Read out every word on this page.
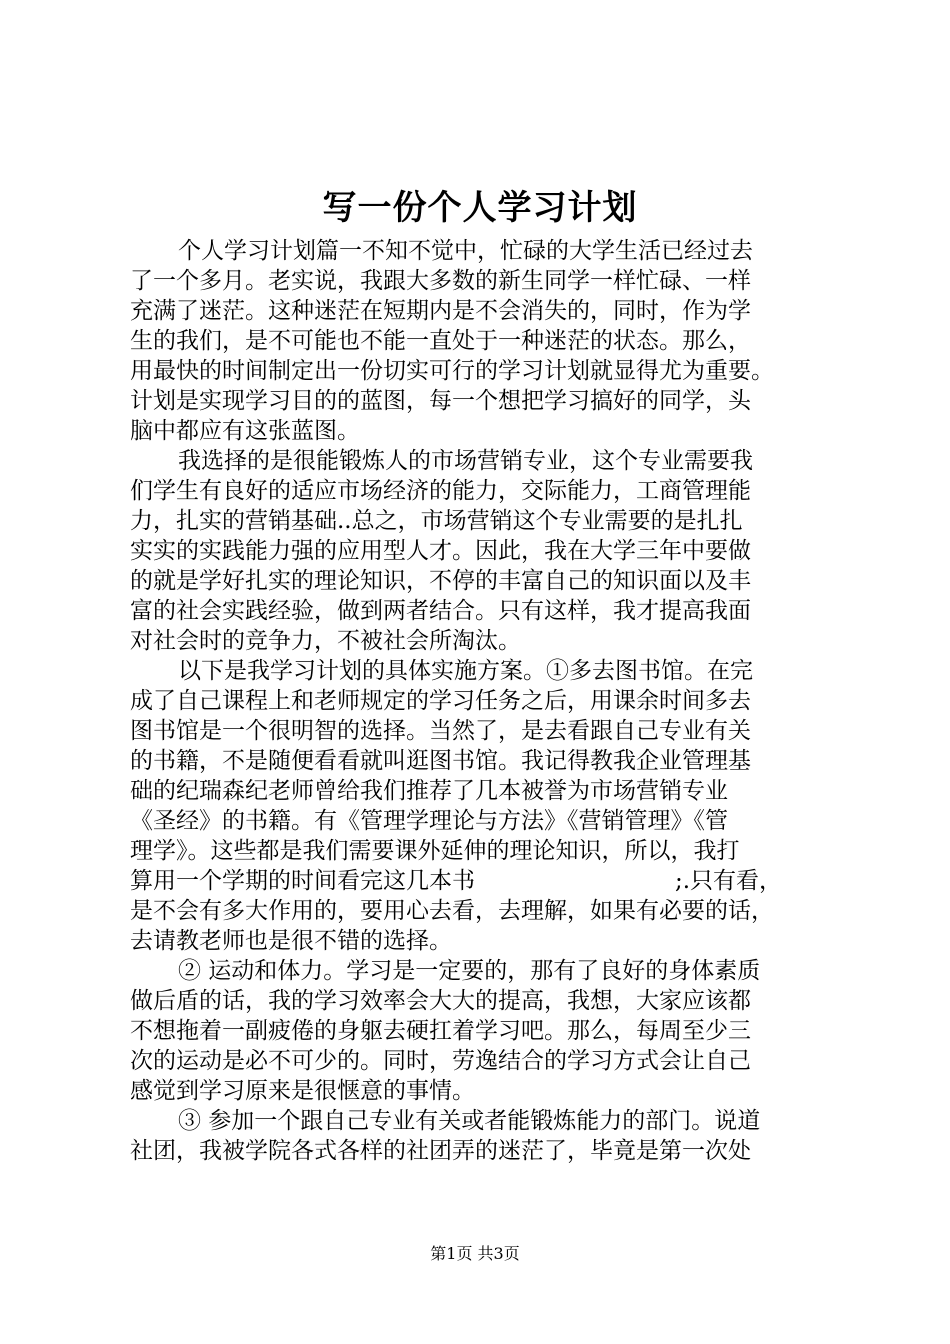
写一份个人学习计划
个人学习计划篇一不知不觉中，忙碌的大学生活已经过去
了一个多月。老实说，我跟大多数的新生同学一样忙碌、一样
充满了迷茫。这种迷茫在短期内是不会消失的，同时，作为学
生的我们，是不可能也不能一直处于一种迷茫的状态。那么，
用最快的时间制定出一份切实可行的学习计划就显得尤为重要。
计划是实现学习目的的蓝图，每一个想把学习搞好的同学，头
脑中都应有这张蓝图。
我选择的是很能锻炼人的市场营销专业，这个专业需要我
们学生有良好的适应市场经济的能力，交际能力，工商管理能
力，扎实的营销基础..总之，市场营销这个专业需要的是扎扎
实实的实践能力强的应用型人才。因此，我在大学三年中要做
的就是学好扎实的理论知识，不停的丰富自己的知识面以及丰
富的社会实践经验，做到两者结合。只有这样，我才提高我面
对社会时的竞争力，不被社会所淘汰。
以下是我学习计划的具体实施方案。①多去图书馆。在完
成了自己课程上和老师规定的学习任务之后，用课余时间多去
图书馆是一个很明智的选择。当然了，是去看跟自己专业有关
的书籍，不是随便看看就叫逛图书馆。我记得教我企业管理基
础的纪瑞森纪老师曾给我们推荐了几本被誉为市场营销专业
《圣经》的书籍。有《管理学理论与方法》《营销管理》《管
理学》。这些都是我们需要课外延伸的理论知识，所以，我打
算用一个学期的时间看完这几本书	;.只有看，
是不会有多大作用的，要用心去看，去理解，如果有必要的话，
去请教老师也是很不错的选择。
② 运动和体力。学习是一定要的，那有了良好的身体素质
做后盾的话，我的学习效率会大大的提高，我想，大家应该都
不想拖着一副疲倦的身躯去硬扛着学习吧。那么，每周至少三
次的运动是必不可少的。同时，劳逸结合的学习方式会让自己
感觉到学习原来是很惬意的事情。
③ 参加一个跟自己专业有关或者能锻炼能力的部门。说道
社团，我被学院各式各样的社团弄的迷茫了，毕竟是第一次处
第1页 共3页
